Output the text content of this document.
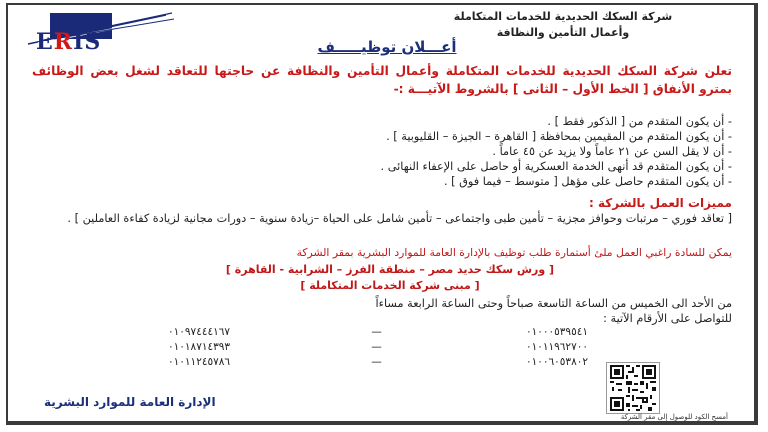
ERIS
شركة السكك الحديدية للخدمات المتكاملة
وأعمال التأمين والنظافة
أعـــلان توظيـــــف
تعلن شركة السكك الحديدية للخدمات المتكاملة وأعمال التأمين والنظافة عن حاجتها للتعاقد لشغل بعض الوظائف بمترو الأنفاق [ الخط الأول – الثانى ] بالشروط الآتيـــة :-
- أن يكون المتقدم من [ الذكور فقط ] .
- أن يكون المتقدم من المقيمين بمحافظة [ القاهرة – الجيزة – القليوبية ] .
- أن لا يقل السن عن ٢١ عاماً ولا يزيد عن ٤٥ عاماً .
- أن يكون المتقدم قد أنهى الخدمة العسكرية أو حاصل على الإعفاء النهائى .
- أن يكون المتقدم حاصل على مؤهل [ متوسط – فيما فوق ] .
مميزات العمل بالشركة :
[ تعاقد فوري – مرتبات وحوافز مجزية – تأمين طبى واجتماعى – تأمين شامل على الحياة –زيادة سنوية – دورات مجانية لزيادة كفاءة العاملين ] .
يمكن للسادة راغبي العمل ملئ أستمارة طلب توظيف بالإدارة العامة للموارد البشرية بمقر الشركة
[ ورش سكك حديد مصر – منطقة الفرز – الشرابية - القاهرة ]
[ مبنى شركة الخدمات المتكاملة ]
من الأحد الى الخميس من الساعة التاسعة صباحاً وحتى الساعة الرابعة مساءاً
للتواصل على الأرقام الآتية :
٠١٠٩٧٤٤٤١٦٧	—	٠١٠٠٠٥٣٩٥٤١
٠١٠١٨٧١٤٣٩٣	—	٠١٠١١٩٦٢٧٠٠
٠١٠١١٢٤٥٧٨٦	—	٠١٠٠٦٠٥٣٨٠٢
أمسح الكود للوصول إلى مقر الشركة
الإدارة العامة للموارد البشرية
